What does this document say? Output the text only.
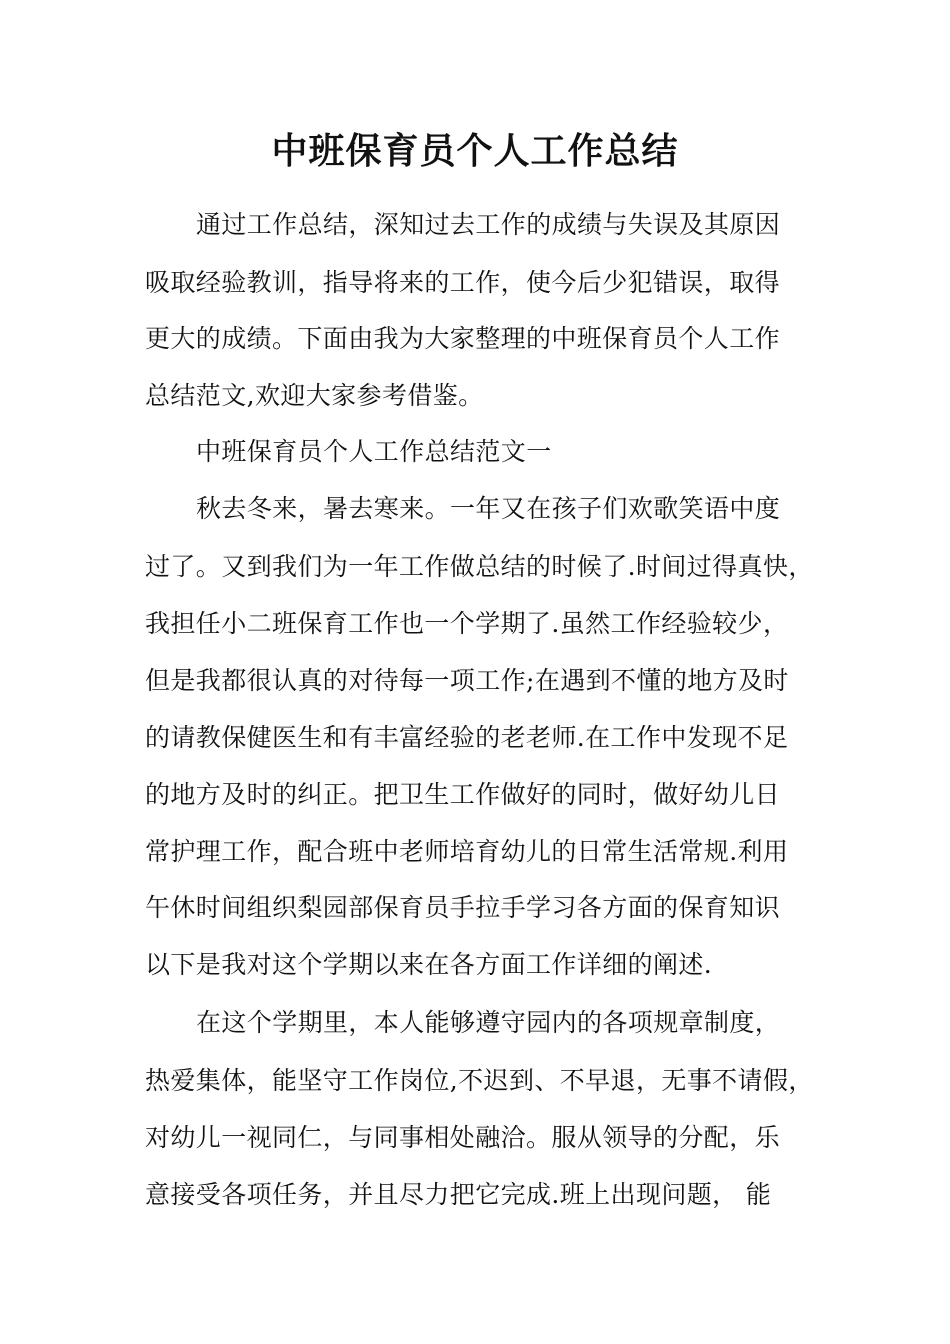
中班保育员个人工作总结
通过工作总结，深知过去工作的成绩与失误及其原因
吸取经验教训，指导将来的工作，使今后少犯错误，取得
更大的成绩。下面由我为大家整理的中班保育员个人工作
总结范文,欢迎大家参考借鉴。
中班保育员个人工作总结范文一
秋去冬来，暑去寒来。一年又在孩子们欢歌笑语中度
过了。又到我们为一年工作做总结的时候了.时间过得真快，
我担任小二班保育工作也一个学期了.虽然工作经验较少，
但是我都很认真的对待每一项工作;在遇到不懂的地方及时
的请教保健医生和有丰富经验的老老师.在工作中发现不足
的地方及时的纠正。把卫生工作做好的同时，做好幼儿日
常护理工作，配合班中老师培育幼儿的日常生活常规.利用
午休时间组织梨园部保育员手拉手学习各方面的保育知识
以下是我对这个学期以来在各方面工作详细的阐述.
在这个学期里，本人能够遵守园内的各项规章制度，
热爱集体，能坚守工作岗位,不迟到、不早退，无事不请假，
对幼儿一视同仁，与同事相处融洽。服从领导的分配，乐
意接受各项任务，并且尽力把它完成.班上出现问题， 能
